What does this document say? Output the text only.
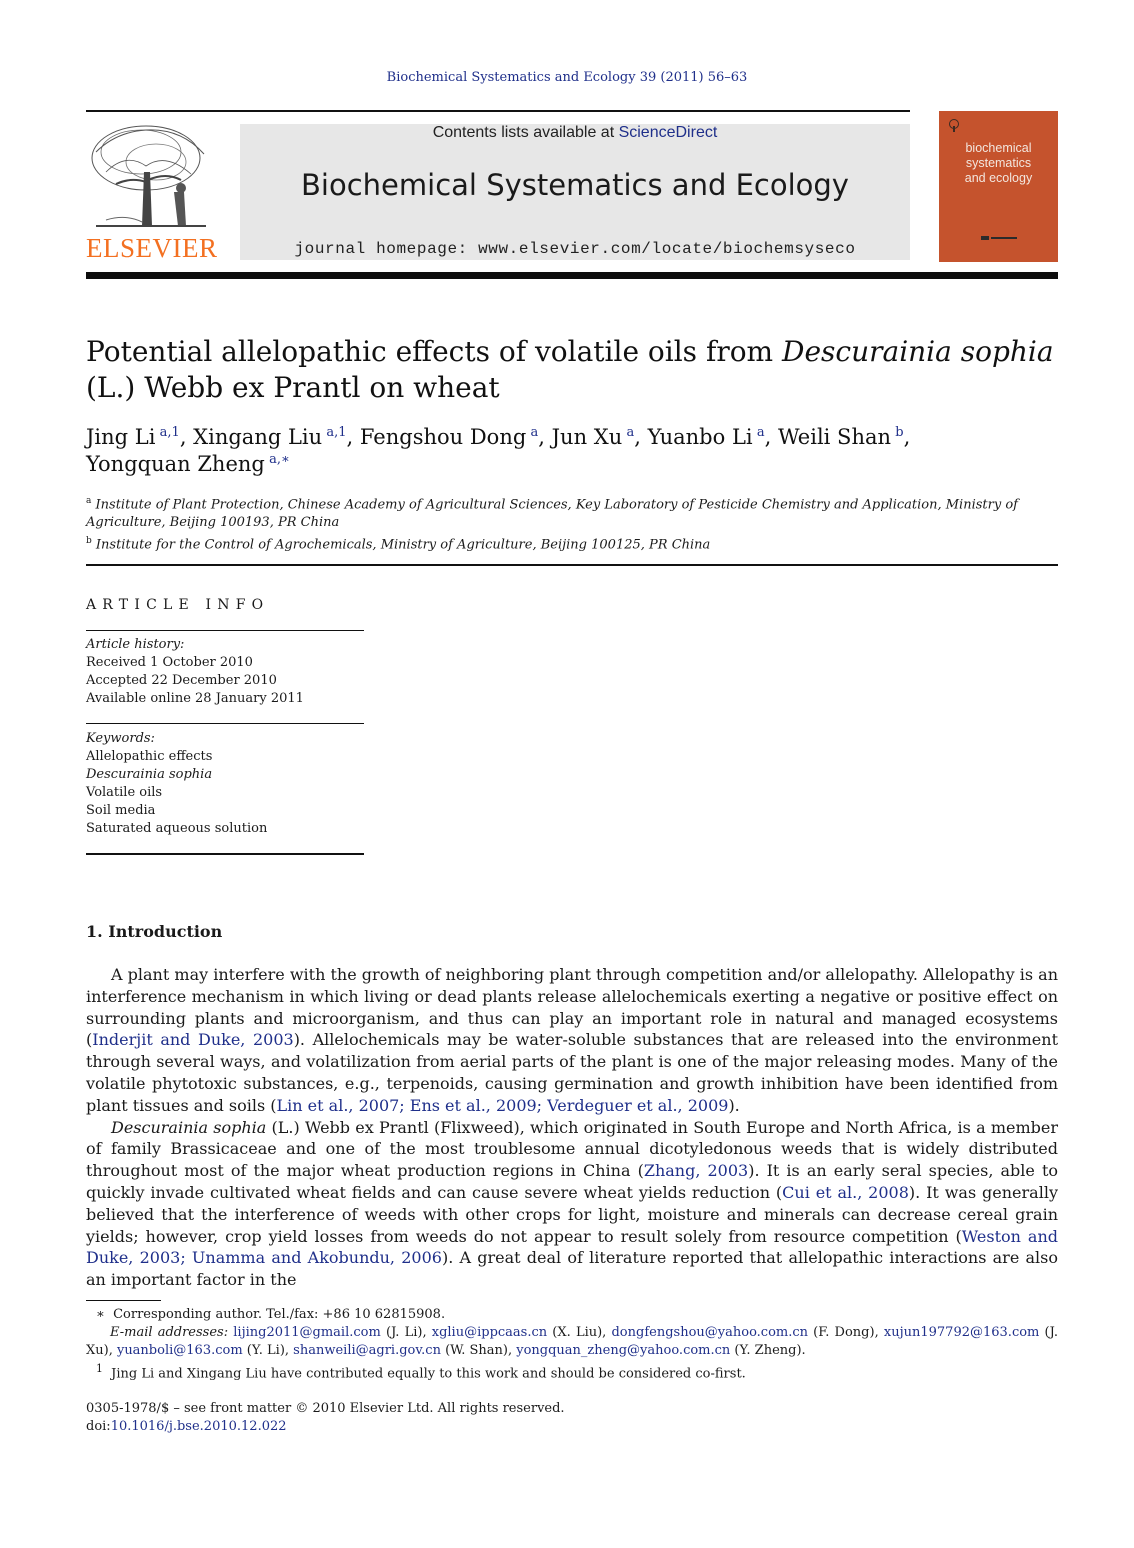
Biochemical Systematics and Ecology 39 (2011) 56–63
ELSEVIER
Contents lists available at ScienceDirect
Biochemical Systematics and Ecology
journal homepage: www.elsevier.com/locate/biochemsyseco
biochemical
systematics
and ecology
Potential allelopathic effects of volatile oils from Descurainia sophia (L.) Webb ex Prantl on wheat
Jing Li  $^{a,1}$, Xingang Liu  $^{a,1}$, Fengshou Dong  $^a$, Jun Xu  $^a$, Yuanbo Li  $^a$, Weili Shan  $^b$,
Yongquan Zheng  $^{a,∗}$
$^a$ Institute of Plant Protection, Chinese Academy of Agricultural Sciences, Key Laboratory of Pesticide Chemistry and Application, Ministry of Agriculture, Beijing 100193, PR China
$^b$ Institute for the Control of Agrochemicals, Ministry of Agriculture, Beijing 100125, PR China
ARTICLE INFO
Article history:
Received 1 October 2010
Accepted 22 December 2010
Available online 28 January 2011
Keywords:
Allelopathic effects
Descurainia sophia
Volatile oils
Soil media
Saturated aqueous solution
1. Introduction

A plant may interfere with the growth of neighboring plant through competition and/or allelopathy. Allelopathy is an interference mechanism in which living or dead plants release allelochemicals exerting a negative or positive effect on surrounding plants and microorganism, and thus can play an important role in natural and managed ecosystems (Inderjit and Duke, 2003). Allelochemicals may be water-soluble substances that are released into the environment through several ways, and volatilization from aerial parts of the plant is one of the major releasing modes. Many of the volatile phytotoxic substances, e.g., terpenoids, causing germination and growth inhibition have been identified from plant tissues and soils (Lin et al., 2007; Ens et al., 2009; Verdeguer et al., 2009).

Descurainia sophia (L.) Webb ex Prantl (Flixweed), which originated in South Europe and North Africa, is a member of family Brassicaceae and one of the most troublesome annual dicotyledonous weeds that is widely distributed throughout most of the major wheat production regions in China (Zhang, 2003). It is an early seral species, able to quickly invade cultivated wheat fields and can cause severe wheat yields reduction (Cui et al., 2008). It was generally believed that the interference of weeds with other crops for light, moisture and minerals can decrease cereal grain yields; however, crop yield losses from weeds do not appear to result solely from resource competition (Weston and Duke, 2003; Unamma and Akobundu, 2006). A great deal of literature reported that allelopathic interactions are also an important factor in the

∗ Corresponding author. Tel./fax: +86 10 62815908.

E-mail addresses: lijing2011@gmail.com (J. Li), xgliu@ippcaas.cn (X. Liu), dongfengshou@yahoo.com.cn (F. Dong), xujun197792@163.com (J. Xu), yuanboli@163.com (Y. Li), shanweili@agri.gov.cn (W. Shan), yongquan_zheng@yahoo.com.cn (Y. Zheng).

$^1$ Jing Li and Xingang Liu have contributed equally to this work and should be considered co-first.

0305-1978/$ – see front matter © 2010 Elsevier Ltd. All rights reserved.
doi:10.1016/j.bse.2010.12.022
